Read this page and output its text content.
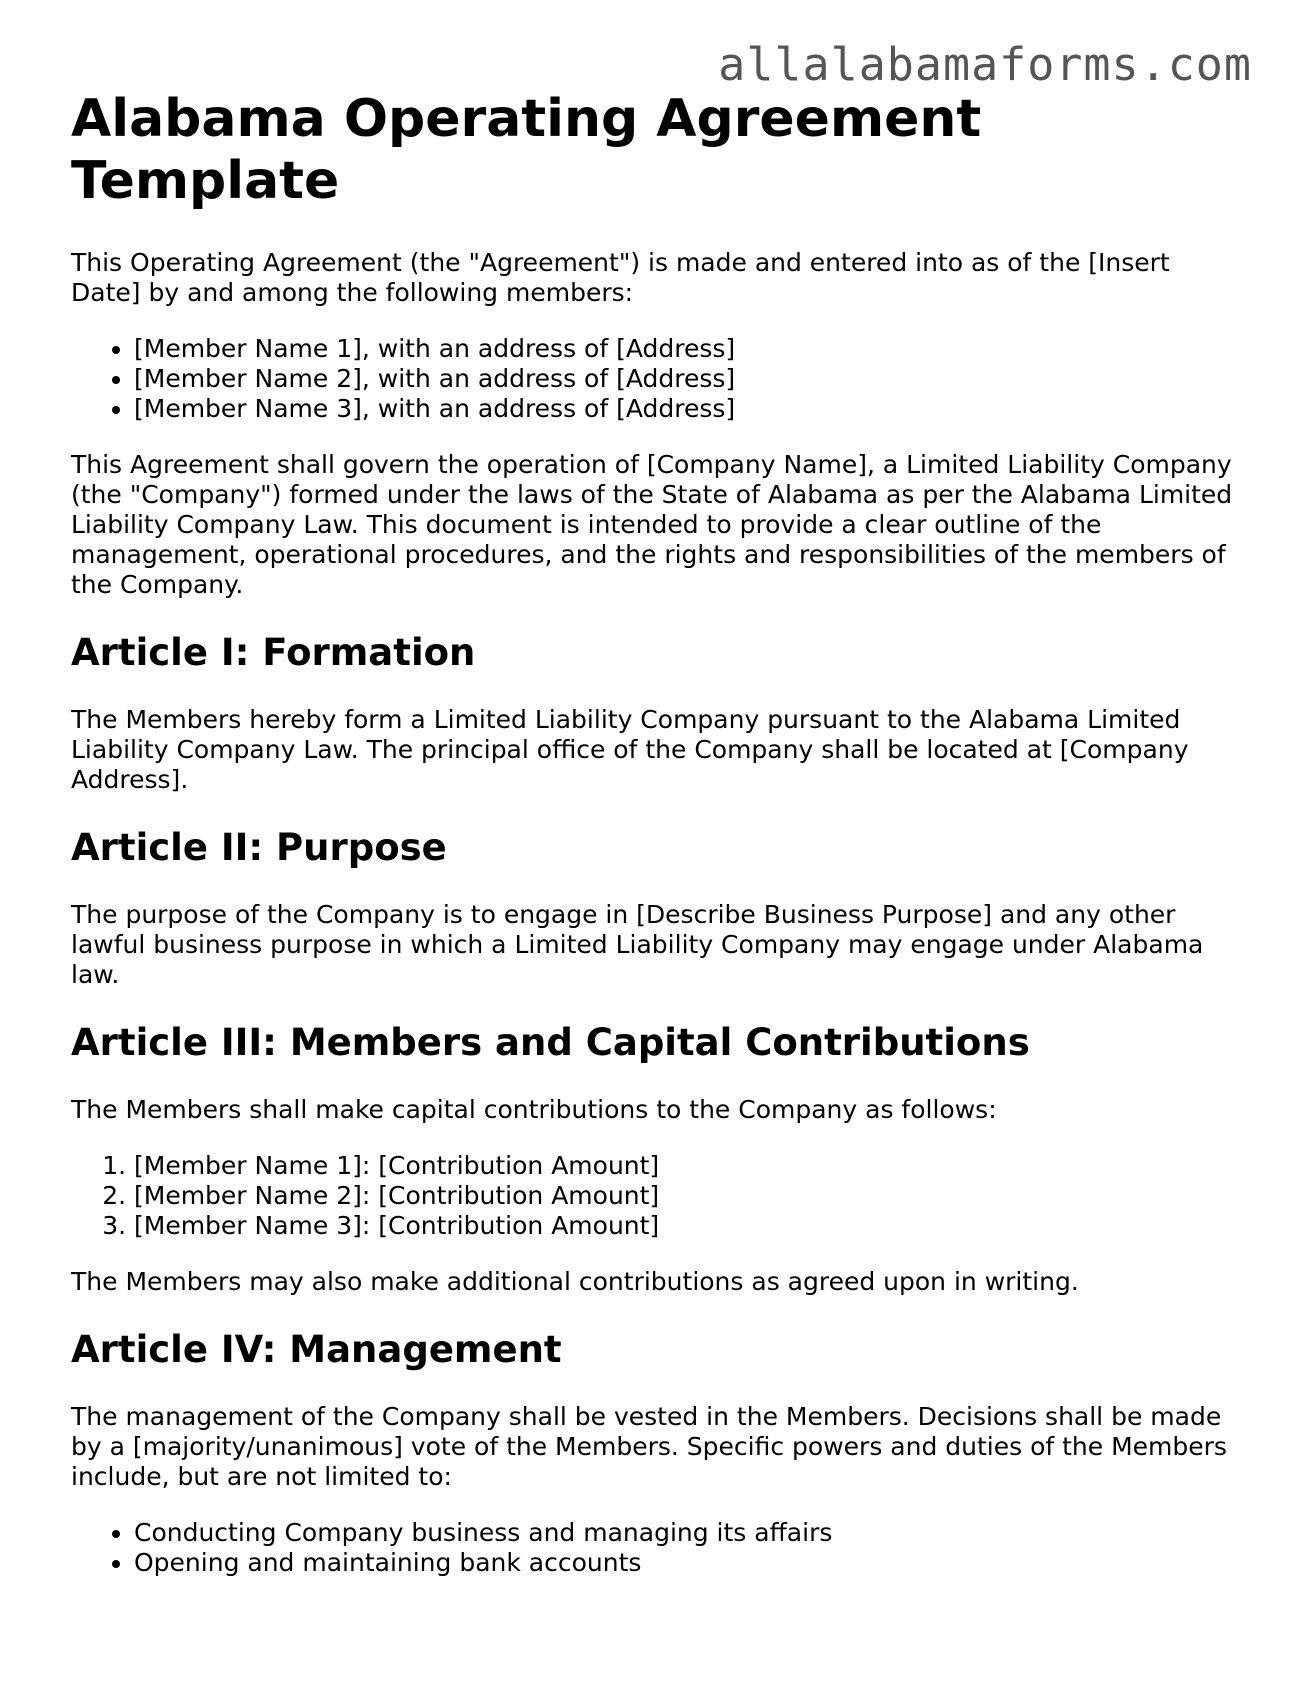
allalabamaforms.com
Alabama Operating Agreement Template

This Operating Agreement (the "Agreement") is made and entered into as of the [Insert Date] by and among the following members:

• [Member Name 1], with an address of [Address]
• [Member Name 2], with an address of [Address]
• [Member Name 3], with an address of [Address]

This Agreement shall govern the operation of [Company Name], a Limited Liability Company (the "Company") formed under the laws of the State of Alabama as per the Alabama Limited Liability Company Law. This document is intended to provide a clear outline of the management, operational procedures, and the rights and responsibilities of the members of the Company.

Article I: Formation

The Members hereby form a Limited Liability Company pursuant to the Alabama Limited Liability Company Law. The principal office of the Company shall be located at [Company Address].

Article II: Purpose

The purpose of the Company is to engage in [Describe Business Purpose] and any other lawful business purpose in which a Limited Liability Company may engage under Alabama law.

Article III: Members and Capital Contributions

The Members shall make capital contributions to the Company as follows:

1. [Member Name 1]: [Contribution Amount]
2. [Member Name 2]: [Contribution Amount]
3. [Member Name 3]: [Contribution Amount]

The Members may also make additional contributions as agreed upon in writing.

Article IV: Management

The management of the Company shall be vested in the Members. Decisions shall be made by a [majority/unanimous] vote of the Members. Specific powers and duties of the Members include, but are not limited to:

• Conducting Company business and managing its affairs
• Opening and maintaining bank accounts
